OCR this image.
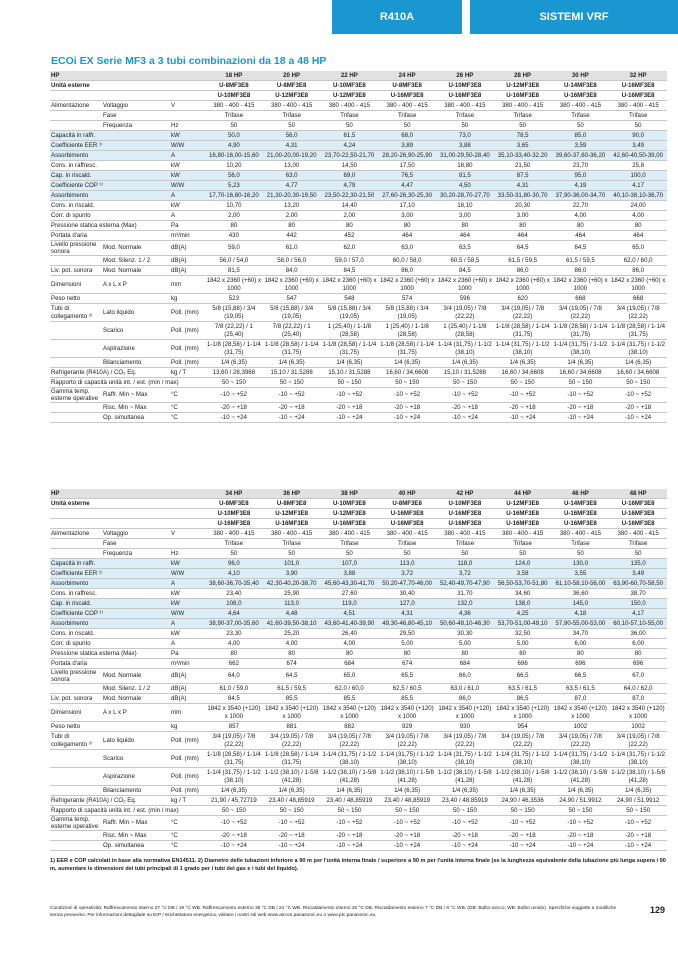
R410A	SISTEMI VRF
ECOi EX Serie MF3 a 3 tubi combinazioni da 18 a 48 HP
HP			18 HP	20 HP	22 HP	24 HP	26 HP	28 HP	30 HP	32 HP
Unità esterne			U-8MF3E8	U-8MF3E8	U-10MF3E8	U-8MF3E8	U-10MF3E8	U-12MF3E8	U-14MF3E8	U-16MF3E8
			U-10MF3E8	U-12MF3E8	U-12MF3E8	U-16MF3E8	U-16MF3E8	U-16MF3E8	U-16MF3E8	U-16MF3E8
Alimentazione	Voltaggio	V	380 - 400 - 415	380 - 400 - 415	380 - 400 - 415	380 - 400 - 415	380 - 400 - 415	380 - 400 - 415	380 - 400 - 415	380 - 400 - 415
	Fase		Trifase	Trifase	Trifase	Trifase	Trifase	Trifase	Trifase	Trifase
	Frequenza	Hz	50	50	50	50	50	50	50	50
Capacità in raffr.		kW	50,0	56,0	61,5	68,0	73,0	78,5	85,0	90,0
Coefficiente EER ¹⁾		W/W	4,90	4,31	4,24	3,89	3,88	3,65	3,59	3,49
Assorbimento		A	16,80-16,00-15,60	21,00-20,00-19,20	23,70-22,50-21,70	28,20-26,90-25,90	31,00-29,50-28,40	35,10-33,40-32,20	39,60-37,60-36,20	42,60-40,50-39,00
Cons. in raffresc.		kW	10,20	13,00	14,50	17,50	18,80	21,50	23,70	25,8
Cap. in riscald.		kW	56,0	63,0	69,0	76,5	81,5	87,5	95,0	100,0
Coefficiente COP ¹⁾		W/W	5,23	4,77	4,79	4,47	4,50	4,31	4,19	4,17
Assorbimento		A	17,70-16,80-16,20	21,30-20,30-19,50	23,50-22,30-21,50	27,60-26,30-25,30	30,20-28,70-27,70	33,50-31,80-30,70	37,90-36,00-34,70	40,10-38,10-36,70
Cons. in riscald.		kW	10,70	13,20	14,40	17,10	18,10	20,30	22,70	24,00
Corr. di spunto		A	2,00	2,00	2,00	3,00	3,00	3,00	4,00	4,00
Pressione statica esterna (Max)		Pa	80	80	80	80	80	80	80	80
Portata d'aria		m³/min	430	442	452	464	464	464	464	464
Livello pressione sonora	Mod. Normale	dB(A)	59,0	61,0	62,0	63,0	63,5	64,5	64,5	65,0
	Mod. Silenz. 1 / 2	dB(A)	56,0 / 54,0	58,0 / 56,0	59,0 / 57,0	60,0 / 58,0	60,5 / 58,5	61,5 / 59,5	61,5 / 59,5	62,0 / 60,0
Liv. pot. sonora	Mod. Normale	dB(A)	81,5	84,0	84,5	86,0	84,5	86,0	86,0	86,0
Dimensioni	A x L x P	mm	1842 x 2360 (+60) x 1000	1842 x 2360 (+60) x 1000	1842 x 2360 (+60) x 1000	1842 x 2360 (+60) x 1000	1842 x 2360 (+60) x 1000	1842 x 2360 (+60) x 1000	1842 x 2360 (+60) x 1000	1842 x 2360 (+60) x 1000
Peso netto		kg	523	547	548	574	596	620	668	668
Tubi di collegamento ²⁾	Lato liquido	Poll. (mm)	5/8 (15,88) / 3/4 (19,05)	5/8 (15,88) / 3/4 (19,05)	5/8 (15,88) / 3/4 (19,05)	5/8 (15,88) / 3/4 (19,05)	3/4 (19,05) / 7/8 (22,22)	3/4 (19,05) / 7/8 (22,22)	3/4 (19,05) / 7/8 (22,22)	3/4 (19,05) / 7/8 (22,22)
	Scarico	Poll. (mm)	7/8 (22,22) / 1 (25,40)	7/8 (22,22) / 1 (25,40)	1 (25,40) / 1-1/8 (28,58)	1 (25,40) / 1-1/8 (28,58)	1 (25,40) / 1-1/8 (28,58)	1-1/8 (28,58) / 1-1/4 (31,75)	1-1/8 (28,58) / 1-1/4 (31,75)	1-1/8 (28,58) / 1-1/4 (31,75)
	Aspirazione	Poll. (mm)	1-1/8 (28,58) / 1-1/4 (31,75)	1-1/8 (28,58) / 1-1/4 (31,75)	1-1/8 (28,58) / 1-1/4 (31,75)	1-1/8 (28,58) / 1-1/4 (31,75)	1-1/4 (31,75) / 1-1/2 (38,10)	1-1/4 (31,75) / 1-1/2 (38,10)	1-1/4 (31,75) / 1-1/2 (38,10)	1-1/4 (31,75) / 1-1/2 (38,10)
	Bilanciamento	Poll. (mm)	1/4 (6,35)	1/4 (6,35)	1/4 (6,35)	1/4 (6,35)	1/4 (6,35)	1/4 (6,35)	1/4 (6,35)	1/4 (6,35)
Refrigerante (R410A) / CO₂ Eq.		kg / T	13,60 / 28,3968	15,10 / 31,5288	15,10 / 31,5288	16,60 / 34,6608	15,10 / 31,5288	16,60 / 34,6608	16,60 / 34,6608	16,60 / 34,6608
Rapporto di capacità unità int. / est. (min / max)			50 ~ 150	50 ~ 150	50 ~ 150	50 ~ 150	50 ~ 150	50 ~ 150	50 ~ 150	50 ~ 150
Gamma temp. esterne operative	Raffr. Min ~ Max	°C	-10 ~ +52	-10 ~ +52	-10 ~ +52	-10 ~ +52	-10 ~ +52	-10 ~ +52	-10 ~ +52	-10 ~ +52
	Risc. Min ~ Max	°C	-20 ~ +18	-20 ~ +18	-20 ~ +18	-20 ~ +18	-20 ~ +18	-20 ~ +18	-20 ~ +18	-20 ~ +18
	Op. simultanea	°C	-10 ~ +24	-10 ~ +24	-10 ~ +24	-10 ~ +24	-10 ~ +24	-10 ~ +24	-10 ~ +24	-10 ~ +24
HP			34 HP	36 HP	38 HP	40 HP	42 HP	44 HP	46 HP	48 HP
Unità esterne			U-8MF3E8	U-8MF3E8	U-10MF3E8	U-8MF3E8	U-10MF3E8	U-12MF3E8	U-14MF3E8	U-16MF3E8
			U-10MF3E8	U-12MF3E8	U-12MF3E8	U-16MF3E8	U-16MF3E8	U-16MF3E8	U-16MF3E8	U-16MF3E8
			U-16MF3E8	U-16MF3E8	U-16MF3E8	U-16MF3E8	U-16MF3E8	U-16MF3E8	U-16MF3E8	U-16MF3E8
Alimentazione	Voltaggio	V	380 - 400 - 415	380 - 400 - 415	380 - 400 - 415	380 - 400 - 415	380 - 400 - 415	380 - 400 - 415	380 - 400 - 415	380 - 400 - 415
	Fase		Trifase	Trifase	Trifase	Trifase	Trifase	Trifase	Trifase	Trifase
	Frequenza	Hz	50	50	50	50	50	50	50	50
Capacità in raffr.		kW	96,0	101,0	107,0	113,0	118,0	124,0	130,0	135,0
Coefficiente EER ¹⁾		W/W	4,10	3,90	3,88	3,72	3,72	3,58	3,55	3,49
Assorbimento		A	38,60-36,70-35,40	42,30-40,20-38,70	45,60-43,30-41,70	50,20-47,70-46,00	52,40-49,70-47,90	56,50-53,70-51,80	61,10-58,10-56,00	63,90-60,70-58,50
Cons. in raffresc.		kW	23,40	25,90	27,60	30,40	31,70	34,60	36,60	38,70
Cap. in riscald.		kW	108,0	113,0	119,0	127,0	132,0	138,0	145,0	150,0
Coefficiente COP ¹⁾		W/W	4,64	4,48	4,51	4,31	4,36	4,25	4,18	4,17
Assorbimento		A	38,90-37,00-35,60	41,60-39,50-38,10	43,60-41,40-39,90	49,30-46,80-45,10	50,60-48,10-46,30	53,70-51,00-49,10	57,90-55,00-53,00	60,10-57,10-55,00
Cons. in riscald.		kW	23,30	25,20	26,40	29,50	30,30	32,50	34,70	36,00
Corr. di spunto		A	4,00	4,00	4,00	5,00	5,00	5,00	6,00	6,00
Pressione statica esterna (Max)		Pa	80	80	80	80	80	80	80	80
Portata d'aria		m³/min	662	674	684	674	684	696	696	696
Livello pressione sonora	Mod. Normale	dB(A)	64,0	64,5	65,0	65,5	66,0	66,5	66,5	67,0
	Mod. Silenz. 1 / 2	dB(A)	61,0 / 59,0	61,5 / 59,5	62,0 / 60,0	62,5 / 60,5	63,0 / 61,0	63,5 / 61,5	63,5 / 61,5	64,0 / 62,0
Liv. pot. sonora	Mod. Normale	dB(A)	84,5	85,5	85,5	85,5	86,0	86,5	87,0	87,0
Dimensioni	A x L x P	mm	1842 x 3540 (+120) x 1000	1842 x 3540 (+120) x 1000	1842 x 3540 (+120) x 1000	1842 x 3540 (+120) x 1000	1842 x 3540 (+120) x 1000	1842 x 3540 (+120) x 1000	1842 x 3540 (+120) x 1000	1842 x 3540 (+120) x 1000
Peso netto		kg	857	881	882	929	930	954	1002	1002
Tubi di collegamento ²⁾	Lato liquido	Poll. (mm)	3/4 (19,05) / 7/8 (22,22)	3/4 (19,05) / 7/8 (22,22)	3/4 (19,05) / 7/8 (22,22)	3/4 (19,05) / 7/8 (22,22)	3/4 (19,05) / 7/8 (22,22)	3/4 (19,05) / 7/8 (22,22)	3/4 (19,05) / 7/8 (22,22)	3/4 (19,05) / 7/8 (22,22)
	Scarico	Poll. (mm)	1-1/8 (28,58) / 1-1/4 (31,75)	1-1/8 (28,58) / 1-1/4 (31,75)	1-1/4 (31,75) / 1-1/2 (38,10)	1-1/4 (31,75) / 1-1/2 (38,10)	1-1/4 (31,75) / 1-1/2 (38,10)	1-1/4 (31,75) / 1-1/2 (38,10)	1-1/4 (31,75) / 1-1/2 (38,10)	1-1/4 (31,75) / 1-1/2 (38,10)
	Aspirazione	Poll. (mm)	1-1/4 (31,75) / 1-1/2 (38,10)	1-1/2 (38,10) / 1-5/8 (41,28)	1-1/2 (38,10) / 1-5/8 (41,28)	1-1/2 (38,10) / 1-5/8 (41,28)	1-1/2 (38,10) / 1-5/8 (41,28)	1-1/2 (38,10) / 1-5/8 (41,28)	1-1/2 (38,10) / 1-5/8 (41,28)	1-1/2 (38,10) / 1-5/8 (41,28)
	Bilanciamento	Poll. (mm)	1/4 (6,35)	1/4 (6,35)	1/4 (6,35)	1/4 (6,35)	1/4 (6,35)	1/4 (6,35)	1/4 (6,35)	1/4 (6,35)
Refrigerante (R410A) / CO₂ Eq.		kg / T	21,90 / 45,72719	23,40 / 48,85919	23,40 / 48,85919	23,40 / 48,85919	23,40 / 48,85919	24,90 / 46,3536	24,90 / 51,9912	24,90 / 51,9912
Rapporto di capacità unità int. / est. (min / max)			50 ~ 150	50 ~ 150	50 ~ 150	50 ~ 150	50 ~ 150	50 ~ 150	50 ~ 150	50 ~ 150
Gamma temp. esterne operative	Raffr. Min ~ Max	°C	-10 ~ +52	-10 ~ +52	-10 ~ +52	-10 ~ +52	-10 ~ +52	-10 ~ +52	-10 ~ +52	-10 ~ +52
	Risc. Min ~ Max	°C	-20 ~ +18	-20 ~ +18	-20 ~ +18	-20 ~ +18	-20 ~ +18	-20 ~ +18	-20 ~ +18	-20 ~ +18
	Op. simultanea	°C	-10 ~ +24	-10 ~ +24	-10 ~ +24	-10 ~ +24	-10 ~ +24	-10 ~ +24	-10 ~ +24	-10 ~ +24
1) EER e COP calcolati in base alla normativa EN14511. 2) Diametro delle tubazioni inferiore a 90 m per l'unità interna finale / superiore a 90 m per l'unità interna finale (se la lunghezza equivalente della tubazione più lunga supera i 90 m, aumentare le dimensioni dei tubi principali di 1 grado per i tubi del gas e i tubi del liquido).
Condizioni di operatività: Raffrescamento interno 27 °C DB / 19 °C WB. Raffrescamento esterno 35 °C DB / 24 °C WB. Riscaldamento interno 20 °C DB. Riscaldamento esterno 7 °C DB / 6 °C WB. (DB: Bulbo secco; WB: Bulbo umido). Specifiche soggette a modifiche senza preavviso. Per informazioni dettagliate su ErP / Etichettatura energetica, visitare i nostri siti web www.aircon.panasonic.eu o www.ptc.panasonic.eu.	129
